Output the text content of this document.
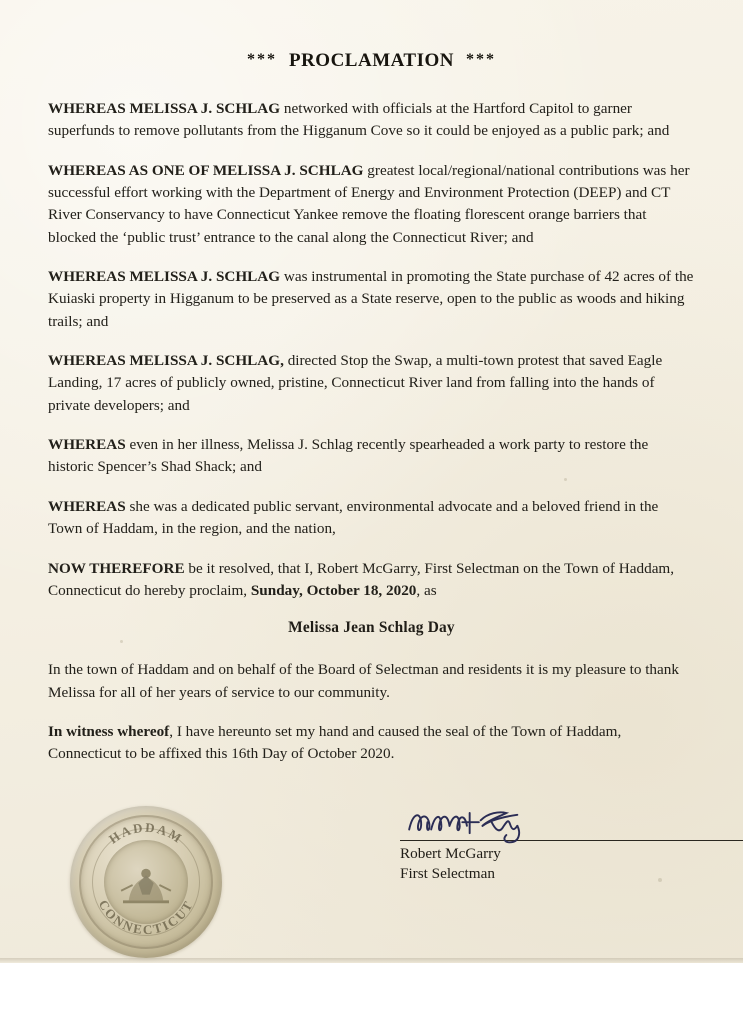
*** PROCLAMATION ***

WHEREAS MELISSA J. SCHLAG networked with officials at the Hartford Capitol to garner superfunds to remove pollutants from the Higganum Cove so it could be enjoyed as a public park; and

WHEREAS AS ONE OF MELISSA J. SCHLAG greatest local/regional/national contributions was her successful effort working with the Department of Energy and Environment Protection (DEEP) and CT River Conservancy to have Connecticut Yankee remove the floating florescent orange barriers that blocked the ‘public trust’ entrance to the canal along the Connecticut River; and

WHEREAS MELISSA J. SCHLAG was instrumental in promoting the State purchase of 42 acres of the Kuiaski property in Higganum to be preserved as a State reserve, open to the public as woods and hiking trails; and

WHEREAS MELISSA J. SCHLAG, directed Stop the Swap, a multi-town protest that saved Eagle Landing, 17 acres of publicly owned, pristine, Connecticut River land from falling into the hands of private developers; and

WHEREAS even in her illness, Melissa J. Schlag recently spearheaded a work party to restore the historic Spencer’s Shad Shack; and

WHEREAS she was a dedicated public servant, environmental advocate and a beloved friend in the Town of Haddam, in the region, and the nation,

NOW THEREFORE be it resolved, that I, Robert McGarry, First Selectman on the Town of Haddam, Connecticut do hereby proclaim, Sunday, October 18, 2020, as

Melissa Jean Schlag Day

In the town of Haddam and on behalf of the Board of Selectman and residents it is my pleasure to thank Melissa for all of her years of service to our community.

In witness whereof, I have hereunto set my hand and caused the seal of the Town of Haddam, Connecticut to be affixed this 16th Day of October 2020.

HADDAM
CONNECTICUT
Robert McGarry
First Selectman
